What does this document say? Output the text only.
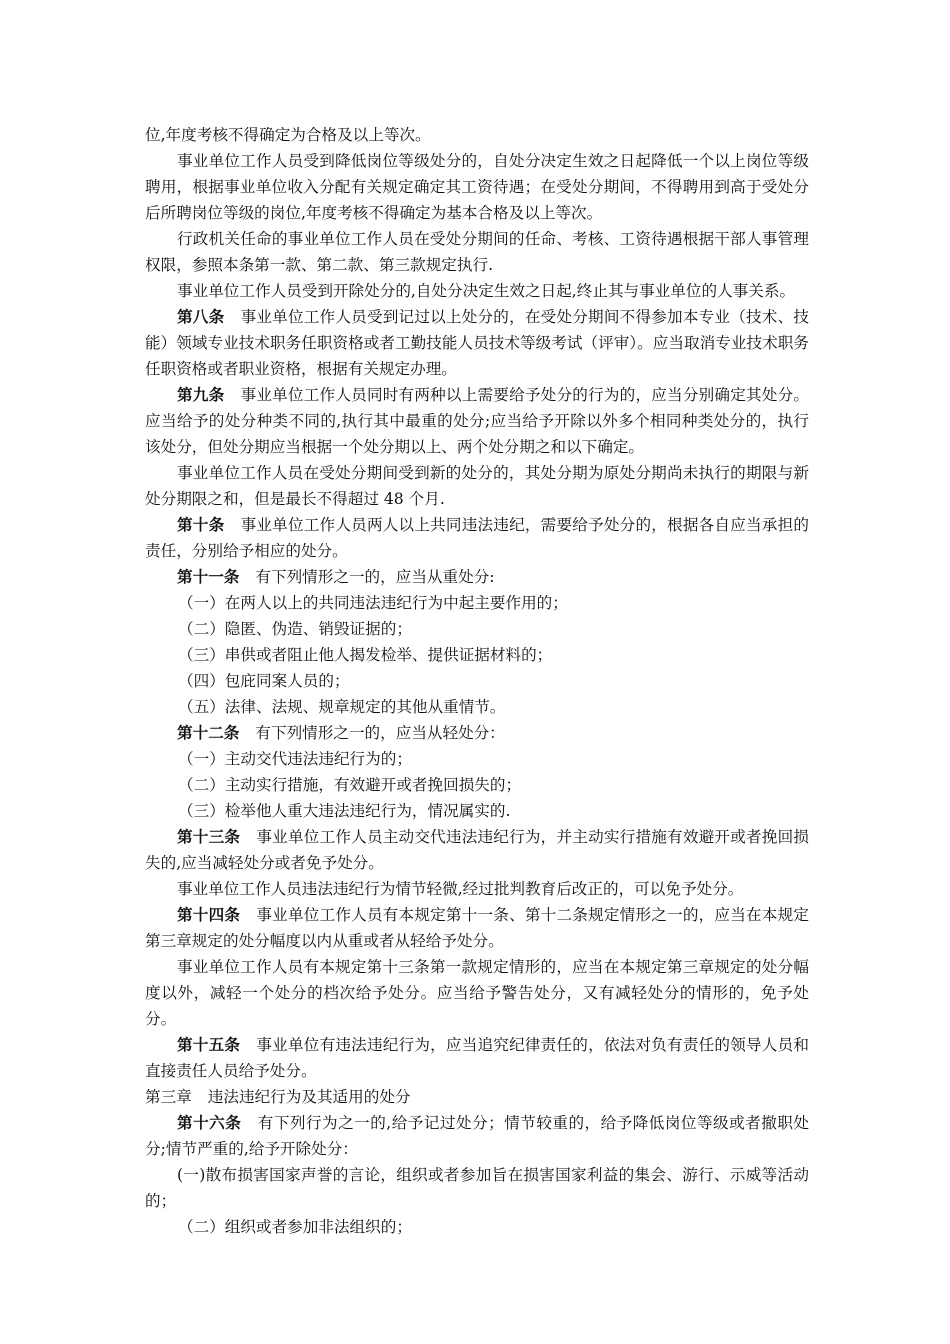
位,年度考核不得确定为合格及以上等次。

事业单位工作人员受到降低岗位等级处分的，自处分决定生效之日起降低一个以上岗位等级聘用，根据事业单位收入分配有关规定确定其工资待遇；在受处分期间，不得聘用到高于受处分后所聘岗位等级的岗位,年度考核不得确定为基本合格及以上等次。

行政机关任命的事业单位工作人员在受处分期间的任命、考核、工资待遇根据干部人事管理权限，参照本条第一款、第二款、第三款规定执行.

事业单位工作人员受到开除处分的,自处分决定生效之日起,终止其与事业单位的人事关系。

第八条 事业单位工作人员受到记过以上处分的，在受处分期间不得参加本专业（技术、技能）领域专业技术职务任职资格或者工勤技能人员技术等级考试（评审）。应当取消专业技术职务任职资格或者职业资格，根据有关规定办理。

第九条 事业单位工作人员同时有两种以上需要给予处分的行为的，应当分别确定其处分。应当给予的处分种类不同的,执行其中最重的处分;应当给予开除以外多个相同种类处分的，执行该处分，但处分期应当根据一个处分期以上、两个处分期之和以下确定。

事业单位工作人员在受处分期间受到新的处分的，其处分期为原处分期尚未执行的期限与新处分期限之和，但是最长不得超过 48 个月.

第十条 事业单位工作人员两人以上共同违法违纪，需要给予处分的，根据各自应当承担的责任，分别给予相应的处分。

第十一条 有下列情形之一的，应当从重处分:

（一）在两人以上的共同违法违纪行为中起主要作用的；

（二）隐匿、伪造、销毁证据的；

（三）串供或者阻止他人揭发检举、提供证据材料的；

（四）包庇同案人员的；

（五）法律、法规、规章规定的其他从重情节。

第十二条 有下列情形之一的，应当从轻处分：

（一）主动交代违法违纪行为的；

（二）主动实行措施，有效避开或者挽回损失的；

（三）检举他人重大违法违纪行为，情况属实的.

第十三条 事业单位工作人员主动交代违法违纪行为，并主动实行措施有效避开或者挽回损失的,应当减轻处分或者免予处分。

事业单位工作人员违法违纪行为情节轻微,经过批判教育后改正的，可以免予处分。

第十四条 事业单位工作人员有本规定第十一条、第十二条规定情形之一的，应当在本规定第三章规定的处分幅度以内从重或者从轻给予处分。

事业单位工作人员有本规定第十三条第一款规定情形的，应当在本规定第三章规定的处分幅度以外，减轻一个处分的档次给予处分。应当给予警告处分，又有减轻处分的情形的，免予处分。

第十五条 事业单位有违法违纪行为，应当追究纪律责任的，依法对负有责任的领导人员和直接责任人员给予处分。

第三章 违法违纪行为及其适用的处分

第十六条 有下列行为之一的,给予记过处分；情节较重的，给予降低岗位等级或者撤职处分;情节严重的,给予开除处分：

(一)散布损害国家声誉的言论，组织或者参加旨在损害国家利益的集会、游行、示威等活动的；

（二）组织或者参加非法组织的；
